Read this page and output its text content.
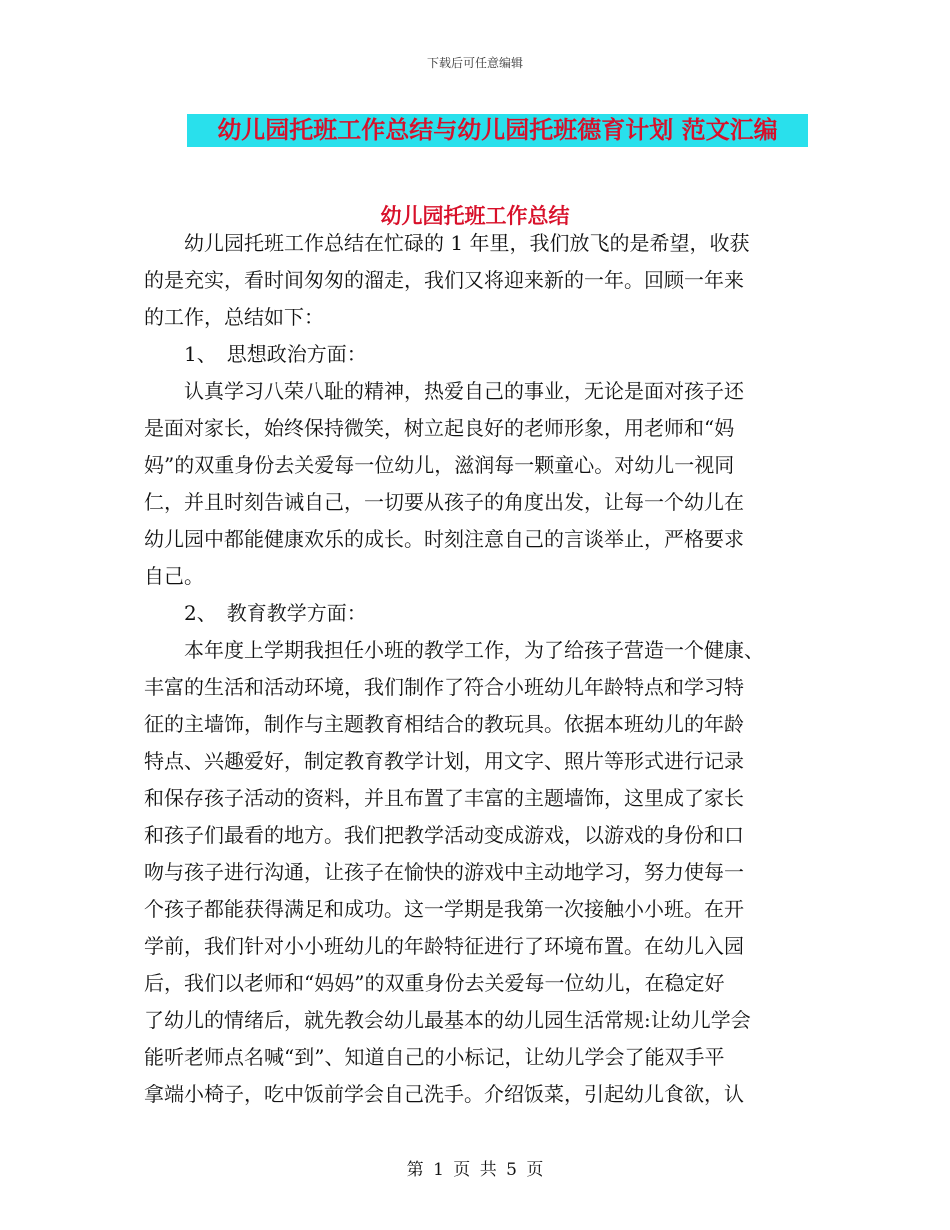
下载后可任意编辑
幼儿园托班工作总结与幼儿园托班德育计划 范文汇编
幼儿园托班工作总结
　　幼儿园托班工作总结在忙碌的 1 年里，我们放飞的是希望，收获
的是充实，看时间匆匆的溜走，我们又将迎来新的一年。回顾一年来
的工作，总结如下：
　　1、　思想政治方面：
　　认真学习八荣八耻的精神，热爱自己的事业，无论是面对孩子还
是面对家长，始终保持微笑，树立起良好的老师形象，用老师和“妈
妈”的双重身份去关爱每一位幼儿，滋润每一颗童心。对幼儿一视同
仁，并且时刻告诫自己，一切要从孩子的角度出发，让每一个幼儿在
幼儿园中都能健康欢乐的成长。时刻注意自己的言谈举止，严格要求
自己。
　　2、　教育教学方面：
　　本年度上学期我担任小班的教学工作，为了给孩子营造一个健康、
丰富的生活和活动环境，我们制作了符合小班幼儿年龄特点和学习特
征的主墙饰，制作与主题教育相结合的教玩具。依据本班幼儿的年龄
特点、兴趣爱好，制定教育教学计划，用文字、照片等形式进行记录
和保存孩子活动的资料，并且布置了丰富的主题墙饰，这里成了家长
和孩子们最看的地方。我们把教学活动变成游戏，以游戏的身份和口
吻与孩子进行沟通，让孩子在愉快的游戏中主动地学习，努力使每一
个孩子都能获得满足和成功。这一学期是我第一次接触小小班。在开
学前，我们针对小小班幼儿的年龄特征进行了环境布置。在幼儿入园
后，我们以老师和“妈妈”的双重身份去关爱每一位幼儿，在稳定好
了幼儿的情绪后，就先教会幼儿最基本的幼儿园生活常规:让幼儿学会
能听老师点名喊“到”、知道自己的小标记，让幼儿学会了能双手平
拿端小椅子，吃中饭前学会自己洗手。介绍饭菜，引起幼儿食欲，认
第 1 页 共 5 页
